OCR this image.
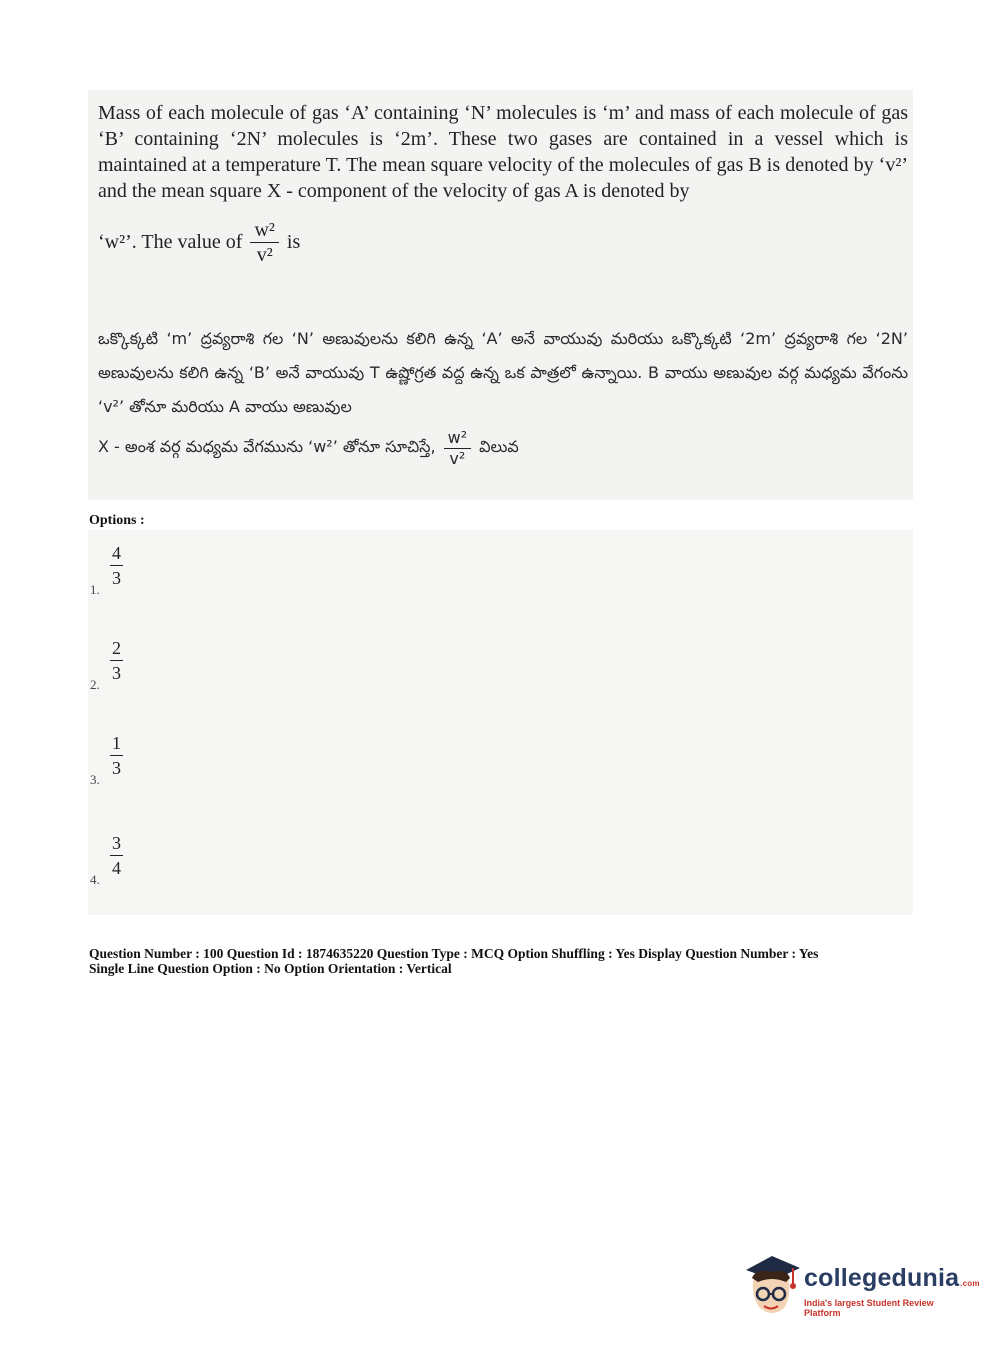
Mass of each molecule of gas ‘A’ containing ‘N’ molecules is ‘m’ and mass of each molecule of gas ‘B’ containing ‘2N’ molecules is ‘2m’. These two gases are contained in a vessel which is maintained at a temperature T. The mean square velocity of the molecules of gas B is denoted by ‘v²’ and the mean square X - component of the velocity of gas A is denoted by
‘w²’. The value of $\frac{\text{w²}}{\text{v²}}$ is
ఒక్కొక్కటి ‘m’ ద్రవ్యరాశి గల ‘N’ అణువులను కలిగి ఉన్న ‘A’ అనే వాయువు మరియు ఒక్కొక్కటి ‘2m’ ద్రవ్యరాశి గల ‘2N’ అణువులను కలిగి ఉన్న ‘B’ అనే వాయువు T ఉష్ణోగ్రత వద్ద ఉన్న ఒక పాత్రలో ఉన్నాయి. B వాయు అణువుల వర్గ మధ్యమ వేగంను ‘v²’ తోనూ మరియు A వాయు అణువుల
X - అంశ వర్గ మధ్యమ వేగమును ‘w²’ తోనూ సూచిస్తే, $\frac{\text{w²}}{\text{v²}}$ విలువ
Options :
1.
$\frac{4}{3}$
2.
$\frac{2}{3}$
3.
$\frac{1}{3}$
4.
$\frac{3}{4}$
Question Number : 100 Question Id : 1874635220 Question Type : MCQ Option Shuffling : Yes Display Question Number : Yes
Single Line Question Option : No Option Orientation : Vertical
collegedunia.com
India's largest Student Review Platform
